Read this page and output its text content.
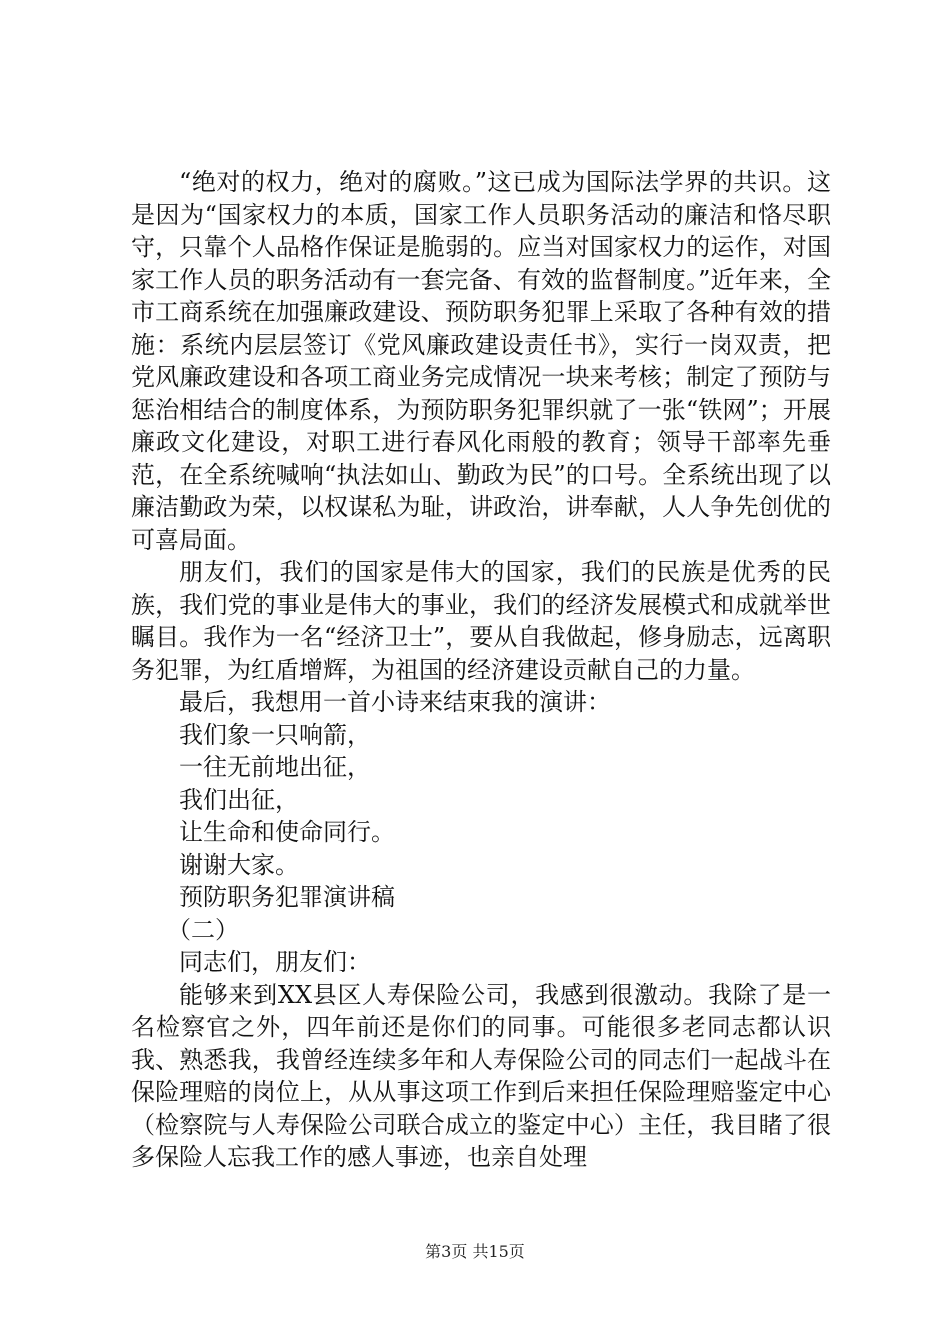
“绝对的权力，绝对的腐败。”这已成为国际法学界的共识。这是因为“国家权力的本质，国家工作人员职务活动的廉洁和恪尽职守，只靠个人品格作保证是脆弱的。应当对国家权力的运作，对国家工作人员的职务活动有一套完备、有效的监督制度。”近年来，全市工商系统在加强廉政建设、预防职务犯罪上采取了各种有效的措施：系统内层层签订《党风廉政建设责任书》，实行一岗双责，把党风廉政建设和各项工商业务完成情况一块来考核；制定了预防与惩治相结合的制度体系，为预防职务犯罪织就了一张“铁网”；开展廉政文化建设，对职工进行春风化雨般的教育；领导干部率先垂范，在全系统喊响“执法如山、勤政为民”的口号。全系统出现了以廉洁勤政为荣，以权谋私为耻，讲政治，讲奉献，人人争先创优的可喜局面。

朋友们，我们的国家是伟大的国家，我们的民族是优秀的民族，我们党的事业是伟大的事业，我们的经济发展模式和成就举世瞩目。我作为一名“经济卫士”，要从自我做起，修身励志，远离职务犯罪，为红盾增辉，为祖国的经济建设贡献自己的力量。

最后，我想用一首小诗来结束我的演讲：

我们象一只响箭，

一往无前地出征，

我们出征，

让生命和使命同行。

谢谢大家。

预防职务犯罪演讲稿

（二）

同志们，朋友们：

能够来到XX县区人寿保险公司，我感到很激动。我除了是一名检察官之外，四年前还是你们的同事。可能很多老同志都认识我、熟悉我，我曾经连续多年和人寿保险公司的同志们一起战斗在保险理赔的岗位上，从从事这项工作到后来担任保险理赔鉴定中心（检察院与人寿保险公司联合成立的鉴定中心）主任，我目睹了很多保险人忘我工作的感人事迹，也亲自处理

第3页 共15页
